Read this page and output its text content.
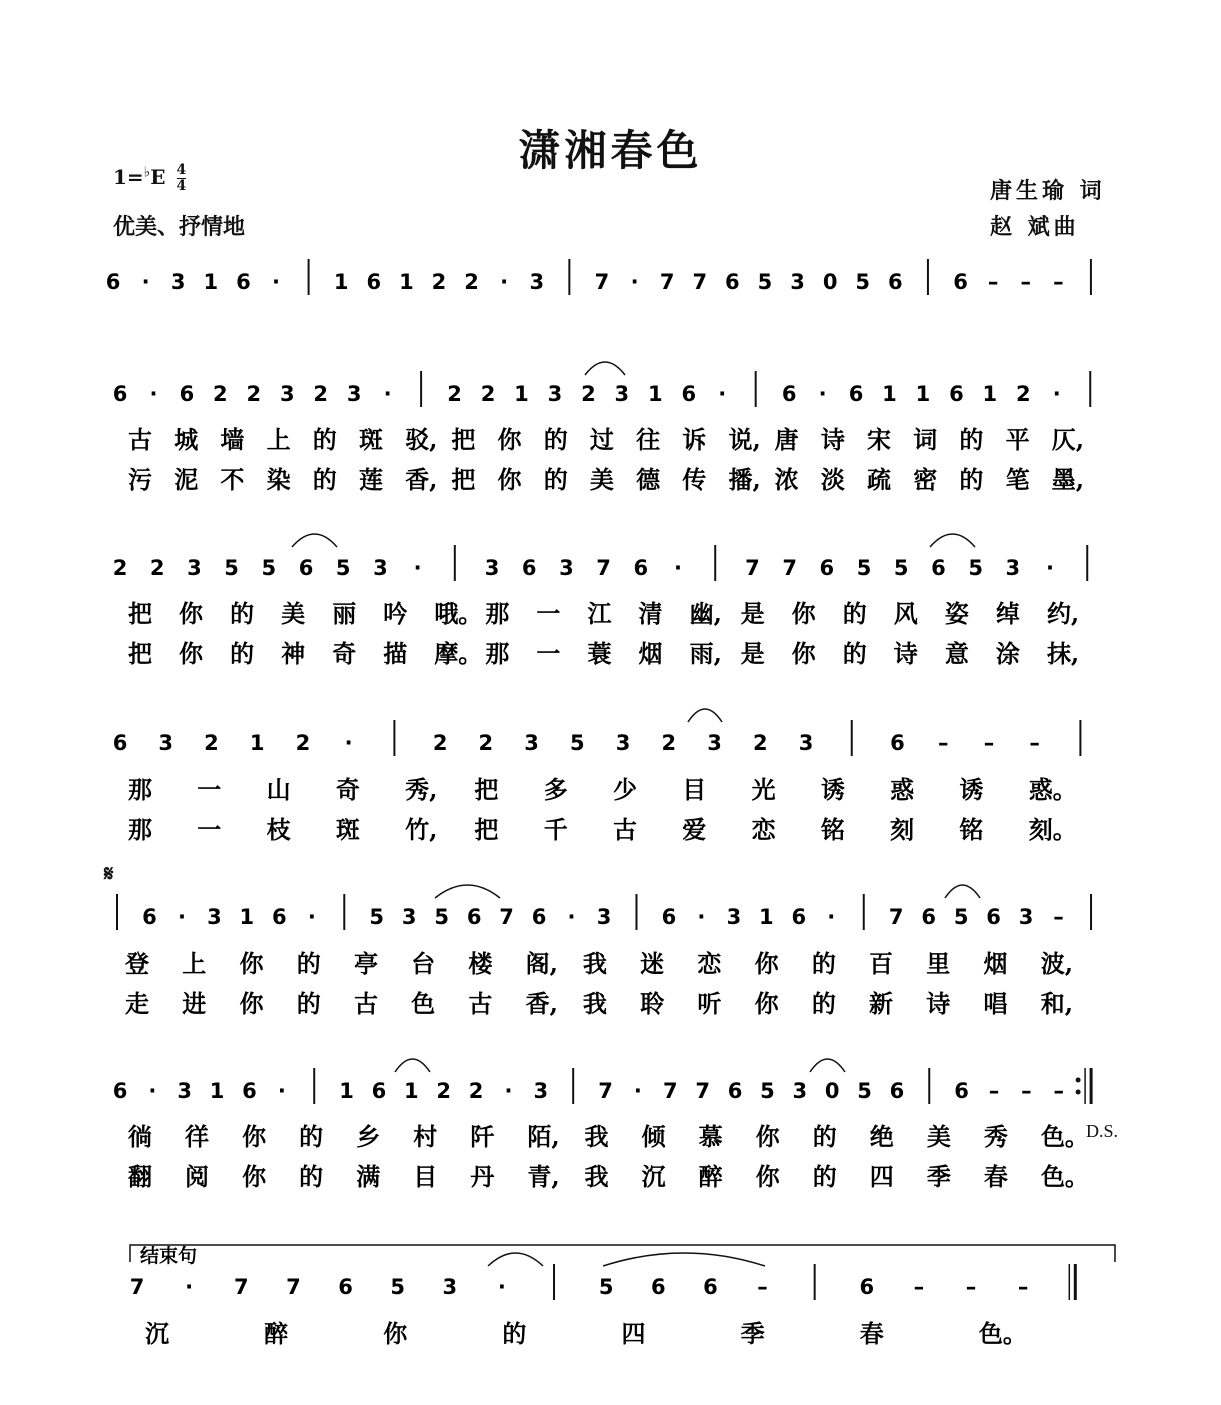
潇湘春色
$1=^♭E \frac{4}{4}$
优美、抒情地
唐生瑜 词
赵 斌曲
𝄋
D.S.
6 · 3 1 6 ·	1 6 1 2 2 · 3 7 · 7 7 6 5 3 0 5 6 6 – – –
6 · 6 2 2 3 2 3 ·	2 2 1 3 2 3 1 6 ·	6 · 6 1 1 6 1 2 ·
古 城 墙 上 的 斑 驳, 把 你 的 过 往 诉 说, 唐 诗 宋 词 的 平 仄,
污 泥 不 染 的 莲 香, 把 你 的 美 德 传 播, 浓 淡 疏 密 的 笔 墨,
2 2 3 5 5 6 5 3 ·	3 6 3 7 6 ·	7 7 6 5 5 6 5 3 ·
把 你 的 美 丽 吟 哦。 那 一 江 清 幽, 是 你 的 风 姿 绰 约,
把 你 的 神 奇 描 摩。 那 一 蓑 烟 雨, 是 你 的 诗 意 涂 抹,
6 3 2 1 2 ·	2 2 3 5 3 2 3 2 3	6 – – –
那 一 山 奇 秀, 把 多 少 目 光 诱 惑 诱 惑。
那 一 枝 斑 竹, 把 千 古 爱 恋 铭 刻 铭 刻。
6 · 3 1 6 ·	5 3 5 6 7 6 · 3 6 · 3 1 6 ·	7 6 5 6 3 –
登 上 你 的 亭 台 楼 阁, 我 迷 恋 你 的 百 里 烟 波,
走 进 你 的 古 色 古 香, 我 聆 听 你 的 新 诗 唱 和,
6 · 3 1 6 ·	1 6 1 2 2 · 3 7 · 7 7 6 5 3 0 5 6 6 – – –
徜 徉 你 的 乡 村 阡 陌, 我 倾 慕 你 的 绝 美 秀 色。
翻 阅 你 的 满 目 丹 青, 我 沉 醉 你 的 四 季 春 色。
7 · 7 7 6 5 3 ·	5 6 6 –	6 – – –
沉	醉	你	的	四	季	春	色。
结束句
